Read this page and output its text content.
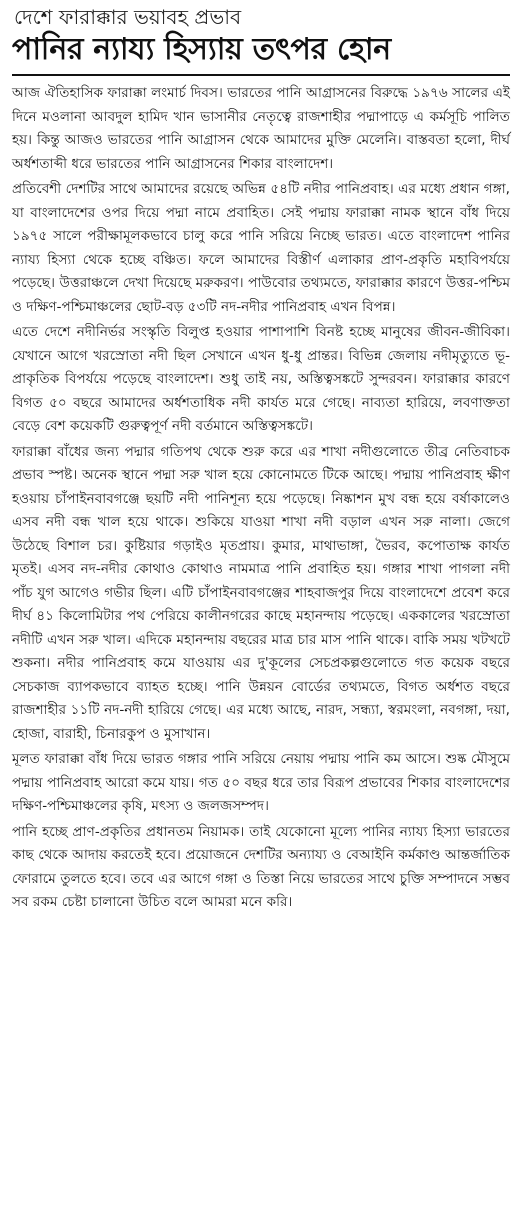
দেশে ফারাক্কার ভয়াবহ প্রভাব
পানির ন্যায্য হিস্যায় তৎপর হোন

আজ ঐতিহাসিক ফারাক্কা লংমার্চ দিবস। ভারতের পানি আগ্রাসনের বিরুদ্ধে ১৯৭৬ সালের এই দিনে মওলানা আবদুল হামিদ খান ভাসানীর নেতৃত্বে রাজশাহীর পদ্মাপাড়ে এ কর্মসূচি পালিত হয়। কিন্তু আজও ভারতের পানি আগ্রাসন থেকে আমাদের মুক্তি মেলেনি। বাস্তবতা হলো, দীর্ঘ অর্ধশতাব্দী ধরে ভারতের পানি আগ্রাসনের শিকার বাংলাদেশ।

প্রতিবেশী দেশটির সাথে আমাদের রয়েছে অভিন্ন ৫৪টি নদীর পানিপ্রবাহ। এর মধ্যে প্রধান গঙ্গা, যা বাংলাদেশের ওপর দিয়ে পদ্মা নামে প্রবাহিত। সেই পদ্মায় ফারাক্কা নামক স্থানে বাঁধ দিয়ে ১৯৭৫ সালে পরীক্ষামূলকভাবে চালু করে পানি সরিয়ে নিচ্ছে ভারত। এতে বাংলাদেশ পানির ন্যায্য হিস্যা থেকে হচ্ছে বঞ্চিত। ফলে আমাদের বিস্তীর্ণ এলাকার প্রাণ-প্রকৃতি মহাবিপর্যয়ে পড়েছে। উত্তরাঞ্চলে দেখা দিয়েছে মরুকরণ। পাউবোর তথ্যমতে, ফারাক্কার কারণে উত্তর-পশ্চিম ও দক্ষিণ-পশ্চিমাঞ্চলের ছোট-বড় ৫৩টি নদ-নদীর পানিপ্রবাহ এখন বিপন্ন।

এতে দেশে নদীনির্ভর সংস্কৃতি বিলুপ্ত হওয়ার পাশাপাশি বিনষ্ট হচ্ছে মানুষের জীবন-জীবিকা। যেখানে আগে খরস্রোতা নদী ছিল সেখানে এখন ধু-ধু প্রান্তর। বিভিন্ন জেলায় নদীমৃত্যুতে ভূ-প্রাকৃতিক বিপর্যয়ে পড়েছে বাংলাদেশ। শুধু তাই নয়, অস্তিত্বসঙ্কটে সুন্দরবন। ফারাক্কার কারণে বিগত ৫০ বছরে আমাদের অর্ধশতাধিক নদী কার্যত মরে গেছে। নাব্যতা হারিয়ে, লবণাক্ততা বেড়ে বেশ কয়েকটি গুরুত্বপূর্ণ নদী বর্তমানে অস্তিত্বসঙ্কটে।

ফারাক্কা বাঁধের জন্য পদ্মার গতিপথ থেকে শুরু করে এর শাখা নদীগুলোতে তীব্র নেতিবাচক প্রভাব স্পষ্ট। অনেক স্থানে পদ্মা সরু খাল হয়ে কোনোমতে টিকে আছে। পদ্মায় পানিপ্রবাহ ক্ষীণ হওয়ায় চাঁপাইনবাবগঞ্জে ছয়টি নদী পানিশূন্য হয়ে পড়েছে। নিষ্কাশন মুখ বন্ধ হয়ে বর্ষাকালেও এসব নদী বন্ধ খাল হয়ে থাকে। শুকিয়ে যাওয়া শাখা নদী বড়াল এখন সরু নালা। জেগে উঠেছে বিশাল চর। কুষ্টিয়ার গড়াইও মৃতপ্রায়। কুমার, মাথাভাঙ্গা, ভৈরব, কপোতাক্ষ কার্যত মৃতই। এসব নদ-নদীর কোথাও কোথাও নামমাত্র পানি প্রবাহিত হয়। গঙ্গার শাখা পাগলা নদী পাঁচ যুগ আগেও গভীর ছিল। এটি চাঁপাইনবাবগঞ্জের শাহবাজপুর দিয়ে বাংলাদেশে প্রবেশ করে দীর্ঘ ৪১ কিলোমিটার পথ পেরিয়ে কালীনগরের কাছে মহানন্দায় পড়েছে। এককালের খরস্রোতা নদীটি এখন সরু খাল। এদিকে মহানন্দায় বছরের মাত্র চার মাস পানি থাকে। বাকি সময় খটখটে শুকনা। নদীর পানিপ্রবাহ কমে যাওয়ায় এর দু'কূলের সেচপ্রকল্পগুলোতে গত কয়েক বছরে সেচকাজ ব্যাপকভাবে ব্যাহত হচ্ছে। পানি উন্নয়ন বোর্ডের তথ্যমতে, বিগত অর্ধশত বছরে রাজশাহীর ১১টি নদ-নদী হারিয়ে গেছে। এর মধ্যে আছে, নারদ, সন্ধ্যা, স্বরমংলা, নবগঙ্গা, দয়া, হোজা, বারাহী, চিনারকুপ ও মুসাখান।

মূলত ফারাক্কা বাঁধ দিয়ে ভারত গঙ্গার পানি সরিয়ে নেয়ায় পদ্মায় পানি কম আসে। শুষ্ক মৌসুমে পদ্মায় পানিপ্রবাহ আরো কমে যায়। গত ৫০ বছর ধরে তার বিরূপ প্রভাবের শিকার বাংলাদেশের দক্ষিণ-পশ্চিমাঞ্চলের কৃষি, মৎস্য ও জলজসম্পদ।

পানি হচ্ছে প্রাণ-প্রকৃতির প্রধানতম নিয়ামক। তাই যেকোনো মূল্যে পানির ন্যায্য হিস্যা ভারতের কাছ থেকে আদায় করতেই হবে। প্রয়োজনে দেশটির অন্যায্য ও বেআইনি কর্মকাণ্ড আন্তর্জাতিক ফোরামে তুলতে হবে। তবে এর আগে গঙ্গা ও তিস্তা নিয়ে ভারতের সাথে চুক্তি সম্পাদনে সম্ভব সব রকম চেষ্টা চালানো উচিত বলে আমরা মনে করি।
